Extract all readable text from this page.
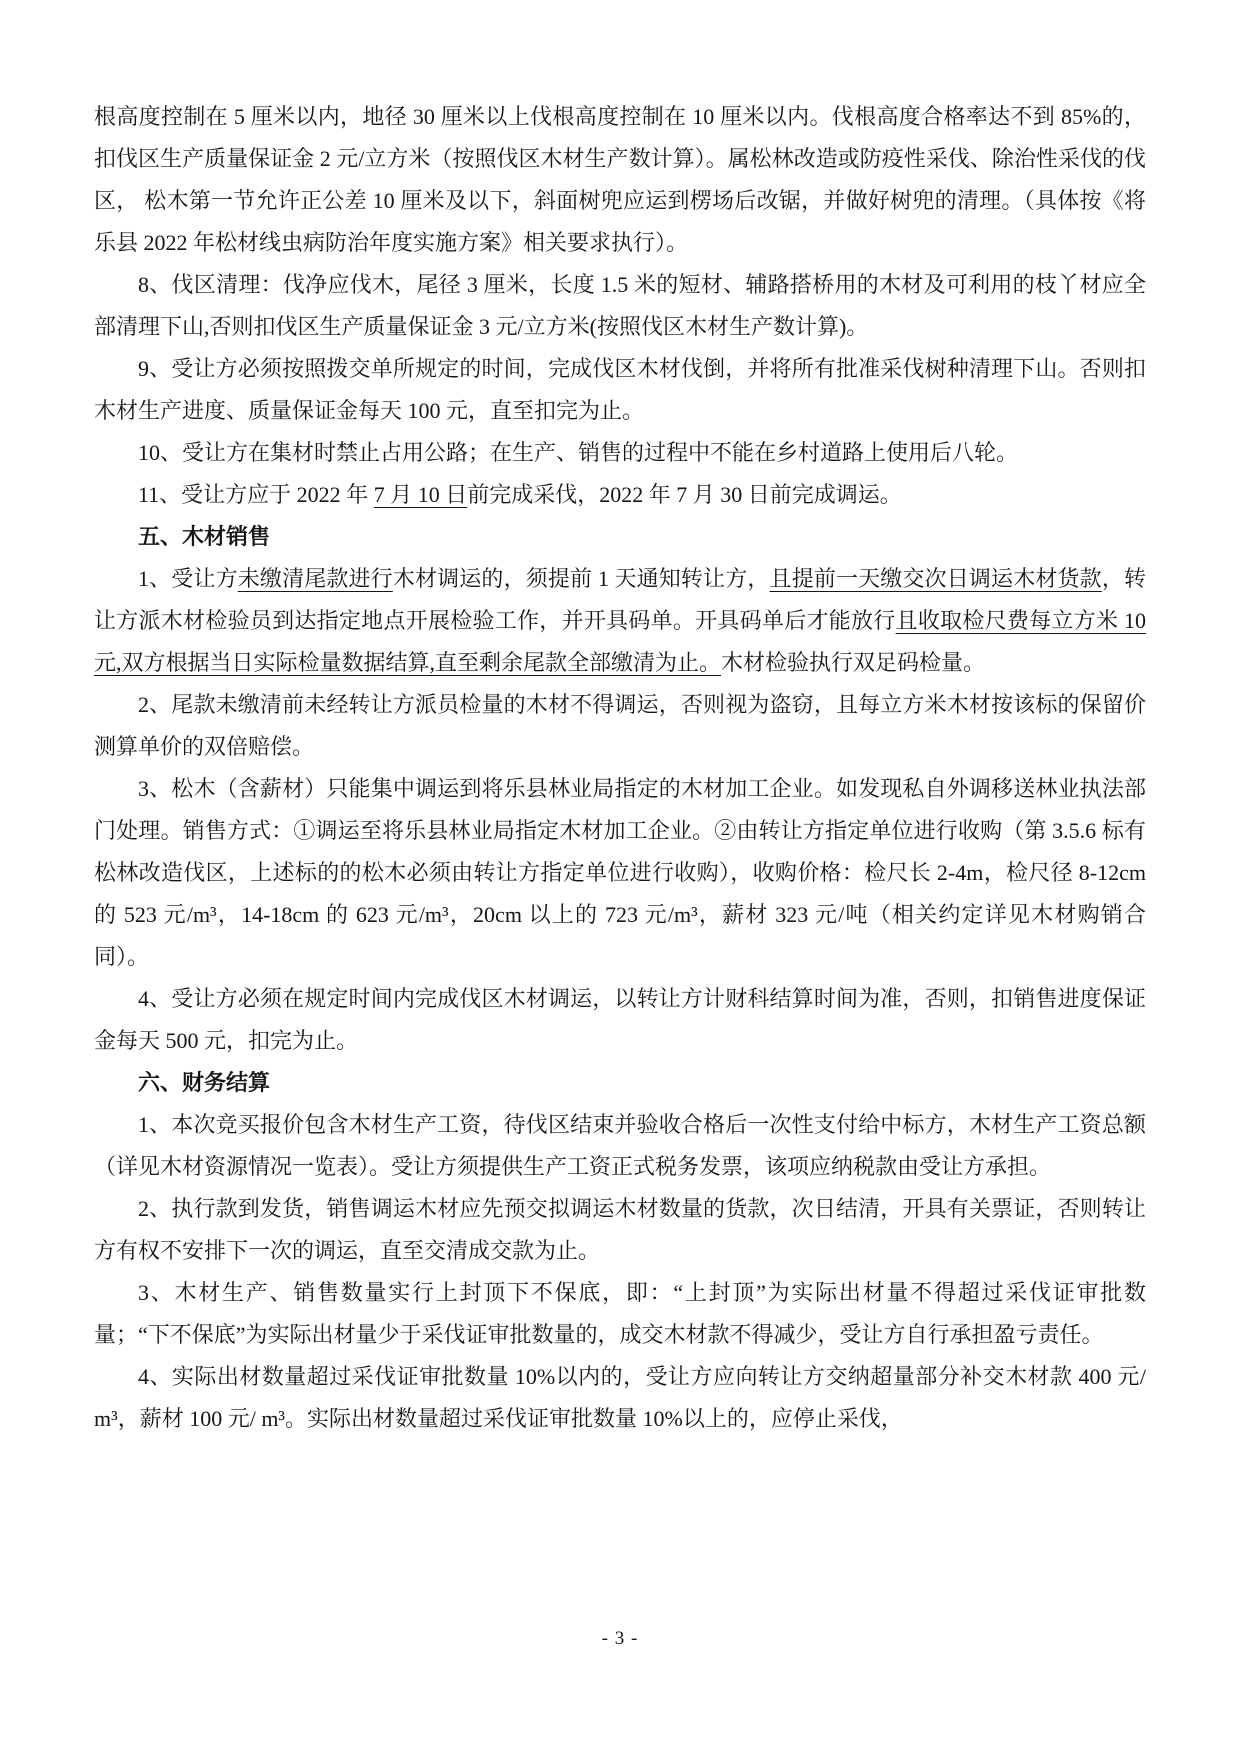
根高度控制在 5 厘米以内，地径 30 厘米以上伐根高度控制在 10 厘米以内。伐根高度合格率达不到 85%的，扣伐区生产质量保证金 2 元/立方米（按照伐区木材生产数计算）。属松林改造或防疫性采伐、除治性采伐的伐区， 松木第一节允许正公差 10 厘米及以下，斜面树兜应运到楞场后改锯，并做好树兜的清理。（具体按《将乐县 2022 年松材线虫病防治年度实施方案》相关要求执行）。

8、伐区清理：伐净应伐木，尾径 3 厘米，长度 1.5 米的短材、辅路搭桥用的木材及可利用的枝丫材应全部清理下山,否则扣伐区生产质量保证金 3 元/立方米(按照伐区木材生产数计算)。

9、受让方必须按照拨交单所规定的时间，完成伐区木材伐倒，并将所有批准采伐树种清理下山。否则扣木材生产进度、质量保证金每天 100 元，直至扣完为止。

10、受让方在集材时禁止占用公路；在生产、销售的过程中不能在乡村道路上使用后八轮。

11、受让方应于 2022 年 7 月 10 日前完成采伐，2022 年 7 月 30 日前完成调运。

五、木材销售

1、受让方未缴清尾款进行木材调运的，须提前 1 天通知转让方，且提前一天缴交次日调运木材货款，转让方派木材检验员到达指定地点开展检验工作，并开具码单。开具码单后才能放行且收取检尺费每立方米 10 元,双方根据当日实际检量数据结算,直至剩余尾款全部缴清为止。木材检验执行双足码检量。

2、尾款未缴清前未经转让方派员检量的木材不得调运，否则视为盗窃，且每立方米木材按该标的保留价测算单价的双倍赔偿。

3、松木（含薪材）只能集中调运到将乐县林业局指定的木材加工企业。如发现私自外调移送林业执法部门处理。销售方式：①调运至将乐县林业局指定木材加工企业。②由转让方指定单位进行收购（第 3.5.6 标有松林改造伐区，上述标的的松木必须由转让方指定单位进行收购），收购价格：检尺长 2-4m，检尺径 8-12cm 的 523 元/m³，14-18cm 的 623 元/m³，20cm 以上的 723 元/m³，薪材 323 元/吨（相关约定详见木材购销合同）。

4、受让方必须在规定时间内完成伐区木材调运，以转让方计财科结算时间为准，否则，扣销售进度保证金每天 500 元，扣完为止。

六、财务结算

1、本次竞买报价包含木材生产工资，待伐区结束并验收合格后一次性支付给中标方，木材生产工资总额（详见木材资源情况一览表）。受让方须提供生产工资正式税务发票，该项应纳税款由受让方承担。

2、执行款到发货，销售调运木材应先预交拟调运木材数量的货款，次日结清，开具有关票证，否则转让方有权不安排下一次的调运，直至交清成交款为止。

3、木材生产、销售数量实行上封顶下不保底，即：“上封顶”为实际出材量不得超过采伐证审批数量；“下不保底”为实际出材量少于采伐证审批数量的，成交木材款不得减少，受让方自行承担盈亏责任。

4、实际出材数量超过采伐证审批数量 10%以内的，受让方应向转让方交纳超量部分补交木材款 400 元/ m³，薪材 100 元/ m³。实际出材数量超过采伐证审批数量 10%以上的，应停止采伐，

- 3 -
